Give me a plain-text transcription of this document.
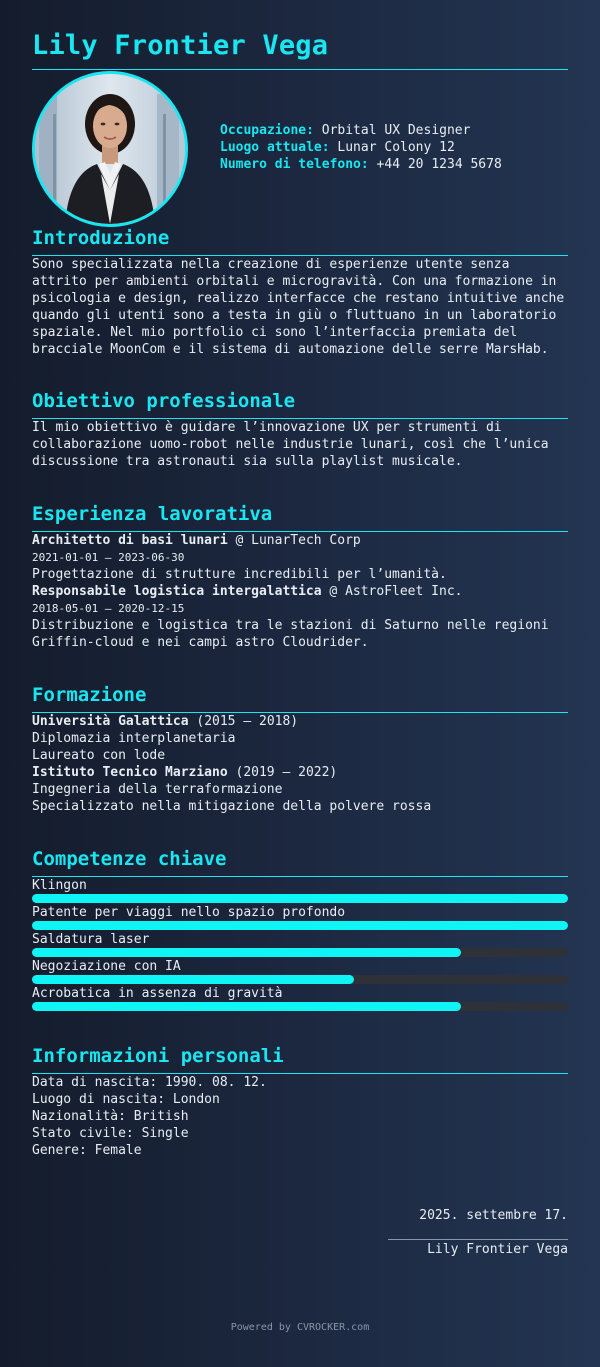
Lily Frontier Vega
Occupazione: Orbital UX Designer
Luogo attuale: Lunar Colony 12
Numero di telefono: +44 20 1234 5678
Introduzione
Sono specializzata nella creazione di esperienze utente senza
attrito per ambienti orbitali e microgravità. Con una formazione in
psicologia e design, realizzo interfacce che restano intuitive anche
quando gli utenti sono a testa in giù o fluttuano in un laboratorio
spaziale. Nel mio portfolio ci sono l’interfaccia premiata del
bracciale MoonCom e il sistema di automazione delle serre MarsHab.
Obiettivo professionale
Il mio obiettivo è guidare l’innovazione UX per strumenti di
collaborazione uomo-robot nelle industrie lunari, così che l’unica
discussione tra astronauti sia sulla playlist musicale.
Esperienza lavorativa
Architetto di basi lunari @ LunarTech Corp
2021-01-01 – 2023-06-30
Progettazione di strutture incredibili per l’umanità.
Responsabile logistica intergalattica @ AstroFleet Inc.
2018-05-01 – 2020-12-15
Distribuzione e logistica tra le stazioni di Saturno nelle regioni
Griffin-cloud e nei campi astro Cloudrider.
Formazione
Università Galattica (2015 – 2018)
Diplomazia interplanetaria
Laureato con lode
Istituto Tecnico Marziano (2019 – 2022)
Ingegneria della terraformazione
Specializzato nella mitigazione della polvere rossa
Competenze chiave
Klingon
Patente per viaggi nello spazio profondo
Saldatura laser
Negoziazione con IA
Acrobatica in assenza di gravità
Informazioni personali
Data di nascita: 1990. 08. 12.
Luogo di nascita: London
Nazionalità: British
Stato civile: Single
Genere: Female
2025. settembre 17.
Lily Frontier Vega
Powered by CVROCKER.com
